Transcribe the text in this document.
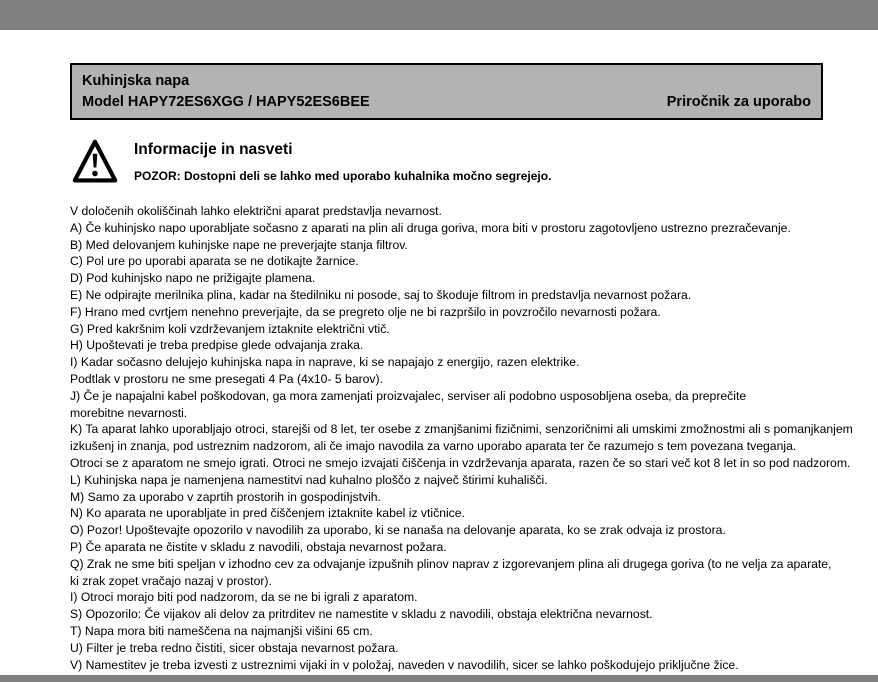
Kuhinjska napa
Model HAPY72ES6XGG / HAPY52ES6BEE	Priročnik za uporabo
Informacije in nasveti
POZOR: Dostopni deli se lahko med uporabo kuhalnika močno segrejejo.
V določenih okoliščinah lahko električni aparat predstavlja nevarnost.
A) Če kuhinjsko napo uporabljate sočasno z aparati na plin ali druga goriva, mora biti v prostoru zagotovljeno ustrezno prezračevanje.
B) Med delovanjem kuhinjske nape ne preverjajte stanja filtrov.
C) Pol ure po uporabi aparata se ne dotikajte žarnice.
D) Pod kuhinjsko napo ne prižigajte plamena.
E) Ne odpirajte merilnika plina, kadar na štedilniku ni posode, saj to škoduje filtrom in predstavlja nevarnost požara.
F) Hrano med cvrtjem nenehno preverjajte, da se pregreto olje ne bi razpršilo in povzročilo nevarnosti požara.
G) Pred kakršnim koli vzdrževanjem iztaknite električni vtič.
H) Upoštevati je treba predpise glede odvajanja zraka.
I) Kadar sočasno delujejo kuhinjska napa in naprave, ki se napajajo z energijo, razen elektrike.
Podtlak v prostoru ne sme presegati 4 Pa (4x10- 5 barov).
J) Če je napajalni kabel poškodovan, ga mora zamenjati proizvajalec, serviser ali podobno usposobljena oseba, da preprečite
morebitne nevarnosti.
K) Ta aparat lahko uporabljajo otroci, starejši od 8 let, ter osebe z zmanjšanimi fizičnimi, senzoričnimi ali umskimi zmožnostmi ali s pomanjkanjem
izkušenj in znanja, pod ustreznim nadzorom, ali če imajo navodila za varno uporabo aparata ter če razumejo s tem povezana tveganja.
Otroci se z aparatom ne smejo igrati. Otroci ne smejo izvajati čiščenja in vzdrževanja aparata, razen če so stari več kot 8 let in so pod nadzorom.
L) Kuhinjska napa je namenjena namestitvi nad kuhalno ploščo z največ štirimi kuhališči.
M) Samo za uporabo v zaprtih prostorih in gospodinjstvih.
N) Ko aparata ne uporabljate in pred čiščenjem iztaknite kabel iz vtičnice.
O) Pozor! Upoštevajte opozorilo v navodilih za uporabo, ki se nanaša na delovanje aparata, ko se zrak odvaja iz prostora.
P) Če aparata ne čistite v skladu z navodili, obstaja nevarnost požara.
Q) Zrak ne sme biti speljan v izhodno cev za odvajanje izpušnih plinov naprav z izgorevanjem plina ali drugega goriva (to ne velja za aparate,
ki zrak zopet vračajo nazaj v prostor).
I) Otroci morajo biti pod nadzorom, da se ne bi igrali z aparatom.
S) Opozorilo: Če vijakov ali delov za pritrditev ne namestite v skladu z navodili, obstaja električna nevarnost.
T) Napa mora biti nameščena na najmanjši višini 65 cm.
U) Filter je treba redno čistiti, sicer obstaja nevarnost požara.
V) Namestitev je treba izvesti z ustreznimi vijaki in v položaj, naveden v navodilih, sicer se lahko poškodujejo priključne žice.
